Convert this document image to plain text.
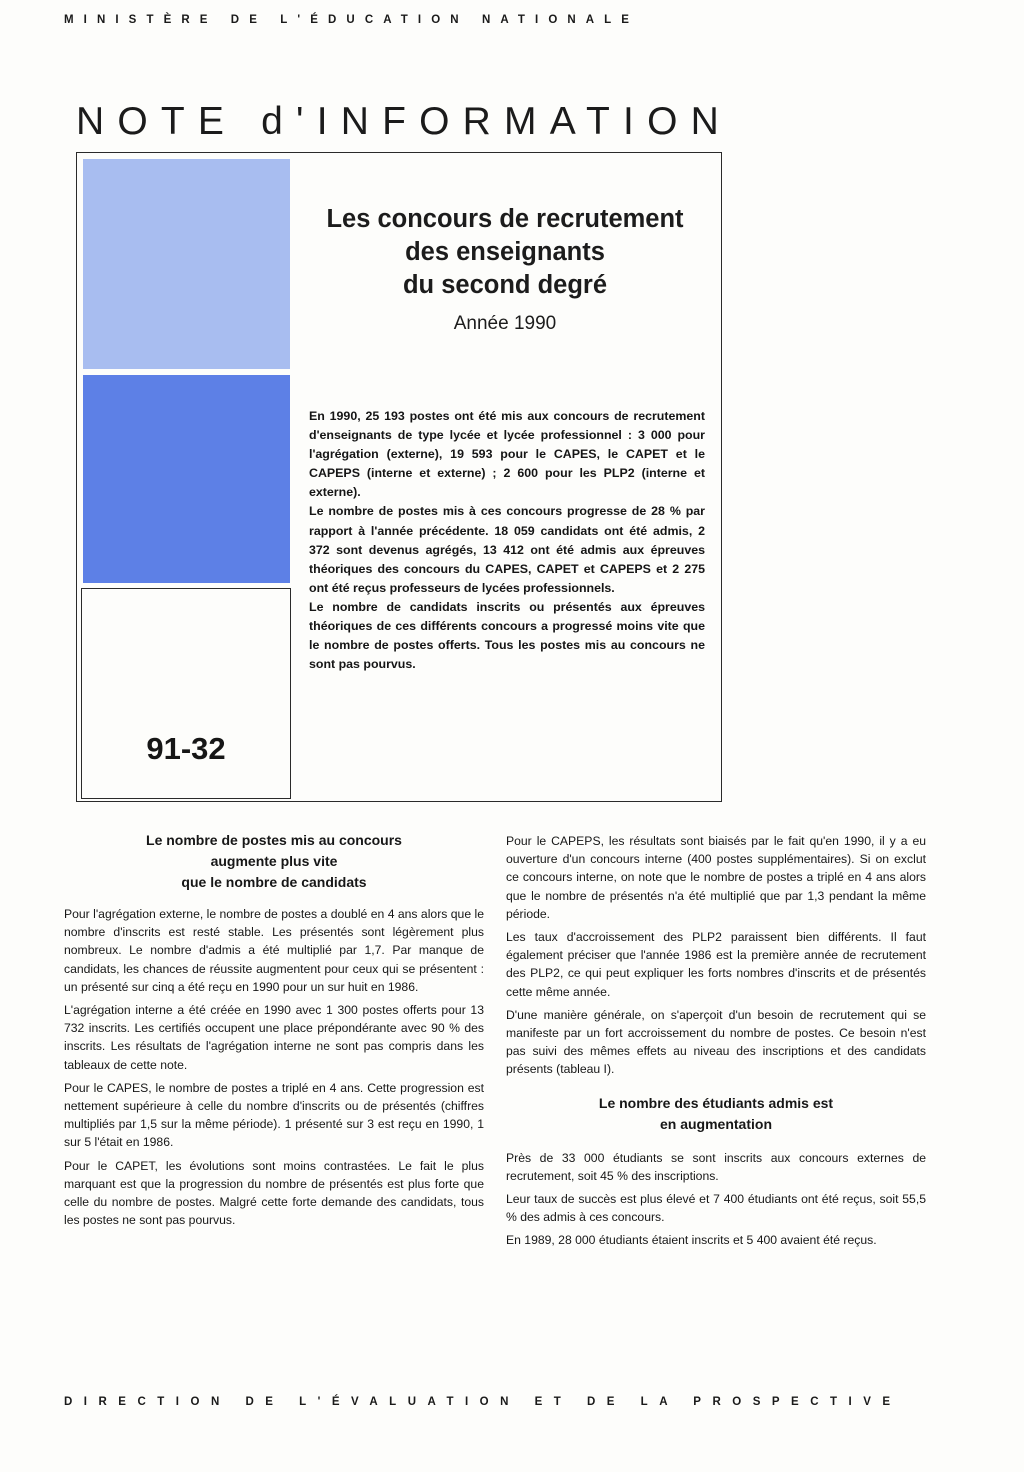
MINISTÈRE DE L'ÉDUCATION NATIONALE
NOTE d'INFORMATION
91-32
Les concours de recrutement
des enseignants
du second degré
Année 1990

En 1990, 25 193 postes ont été mis aux concours de recrutement d'enseignants de type lycée et lycée professionnel : 3 000 pour l'agrégation (externe), 19 593 pour le CAPES, le CAPET et le CAPEPS (interne et externe) ; 2 600 pour les PLP2 (interne et externe).

Le nombre de postes mis à ces concours progresse de 28 % par rapport à l'année précédente. 18 059 candidats ont été admis, 2 372 sont devenus agrégés, 13 412 ont été admis aux épreuves théoriques des concours du CAPES, CAPET et CAPEPS et 2 275 ont été reçus professeurs de lycées professionnels.

Le nombre de candidats inscrits ou présentés aux épreuves théoriques de ces différents concours a progressé moins vite que le nombre de postes offerts. Tous les postes mis au concours ne sont pas pourvus.

Le nombre de postes mis au concours
augmente plus vite
que le nombre de candidats

Pour l'agrégation externe, le nombre de postes a doublé en 4 ans alors que le nombre d'inscrits est resté stable. Les présentés sont légèrement plus nombreux. Le nombre d'admis a été multiplié par 1,7. Par manque de candidats, les chances de réussite augmentent pour ceux qui se présentent : un présenté sur cinq a été reçu en 1990 pour un sur huit en 1986.

L'agrégation interne a été créée en 1990 avec 1 300 postes offerts pour 13 732 inscrits. Les certifiés occupent une place prépondérante avec 90 % des inscrits. Les résultats de l'agrégation interne ne sont pas compris dans les tableaux de cette note.

Pour le CAPES, le nombre de postes a triplé en 4 ans. Cette progression est nettement supérieure à celle du nombre d'inscrits ou de présentés (chiffres multipliés par 1,5 sur la même période). 1 présenté sur 3 est reçu en 1990, 1 sur 5 l'était en 1986.

Pour le CAPET, les évolutions sont moins contrastées. Le fait le plus marquant est que la progression du nombre de présentés est plus forte que celle du nombre de postes. Malgré cette forte demande des candidats, tous les postes ne sont pas pourvus.

Pour le CAPEPS, les résultats sont biaisés par le fait qu'en 1990, il y a eu ouverture d'un concours interne (400 postes supplémentaires). Si on exclut ce concours interne, on note que le nombre de postes a triplé en 4 ans alors que le nombre de présentés n'a été multiplié que par 1,3 pendant la même période.

Les taux d'accroissement des PLP2 paraissent bien différents. Il faut également préciser que l'année 1986 est la première année de recrutement des PLP2, ce qui peut expliquer les forts nombres d'inscrits et de présentés cette même année.

D'une manière générale, on s'aperçoit d'un besoin de recrutement qui se manifeste par un fort accroissement du nombre de postes. Ce besoin n'est pas suivi des mêmes effets au niveau des inscriptions et des candidats présents (tableau I).

Le nombre des étudiants admis est
en augmentation

Près de 33 000 étudiants se sont inscrits aux concours externes de recrutement, soit 45 % des inscriptions.

Leur taux de succès est plus élevé et 7 400 étudiants ont été reçus, soit 55,5 % des admis à ces concours.

En 1989, 28 000 étudiants étaient inscrits et 5 400 avaient été reçus.

DIRECTION DE L'ÉVALUATION ET DE LA PROSPECTIVE
